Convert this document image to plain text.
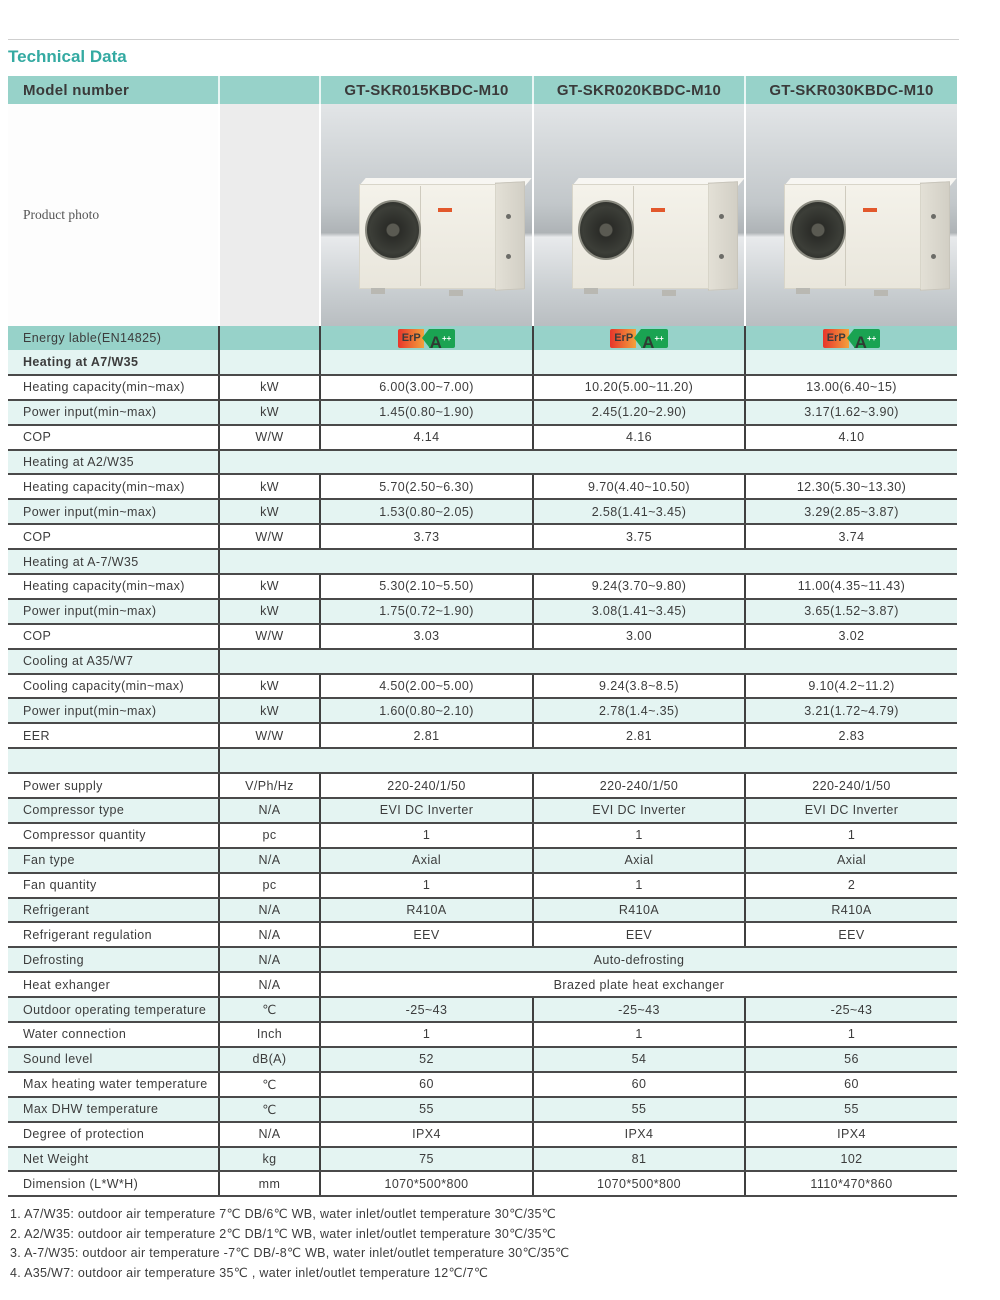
Technical Data
Model number		GT-SKR015KBDC-M10	GT-SKR020KBDC-M10	GT-SKR030KBDC-M10
Product photo		

Energy lable(EN14825)		ErP A++	ErP A++	ErP A++

Heating at A7/W35				
Heating capacity(min~max)	kW	6.00(3.00~7.00)	10.20(5.00~11.20)	13.00(6.40~15)
Power input(min~max)	kW	1.45(0.80~1.90)	2.45(1.20~2.90)	3.17(1.62~3.90)
COP	W/W	4.14	4.16	4.10
Heating at A2/W35				
Heating capacity(min~max)	kW	5.70(2.50~6.30)	9.70(4.40~10.50)	12.30(5.30~13.30)
Power input(min~max)	kW	1.53(0.80~2.05)	2.58(1.41~3.45)	3.29(2.85~3.87)
COP	W/W	3.73	3.75	3.74
Heating at A-7/W35				
Heating capacity(min~max)	kW	5.30(2.10~5.50)	9.24(3.70~9.80)	11.00(4.35~11.43)
Power input(min~max)	kW	1.75(0.72~1.90)	3.08(1.41~3.45)	3.65(1.52~3.87)
COP	W/W	3.03	3.00	3.02
Cooling at A35/W7				
Cooling capacity(min~max)	kW	4.50(2.00~5.00)	9.24(3.8~8.5)	9.10(4.2~11.2)
Power input(min~max)	kW	1.60(0.80~2.10)	2.78(1.4~.35)	3.21(1.72~4.79)
EER	W/W	2.81	2.81	2.83

Power supply	V/Ph/Hz	220-240/1/50	220-240/1/50	220-240/1/50
Compressor type	N/A	EVI DC Inverter	EVI DC Inverter	EVI DC Inverter
Compressor quantity	pc	1	1	1
Fan type	N/A	Axial	Axial	Axial
Fan quantity	pc	1	1	2
Refrigerant	N/A	R410A	R410A	R410A
Refrigerant regulation	N/A	EEV	EEV	EEV
Defrosting	N/A	Auto-defrosting		
Heat exhanger	N/A	Brazed plate heat exchanger		
Outdoor operating temperature	℃	-25~43	-25~43	-25~43
Water connection	Inch	1	1	1
Sound level	dB(A)	52	54	56
Max heating water temperature	℃	60	60	60
Max DHW temperature	℃	55	55	55
Degree of protection	N/A	IPX4	IPX4	IPX4
Net Weight	kg	75	81	102
Dimension (L*W*H)	mm	1070*500*800	1070*500*800	1110*470*860
1. A7/W35: outdoor air temperature 7℃ DB/6℃ WB, water inlet/outlet temperature 30℃/35℃
2. A2/W35: outdoor air temperature 2℃ DB/1℃ WB, water inlet/outlet temperature 30℃/35℃
3. A-7/W35: outdoor air temperature -7℃ DB/-8℃ WB, water inlet/outlet temperature 30℃/35℃
4. A35/W7: outdoor air temperature 35℃ , water inlet/outlet temperature 12℃/7℃
